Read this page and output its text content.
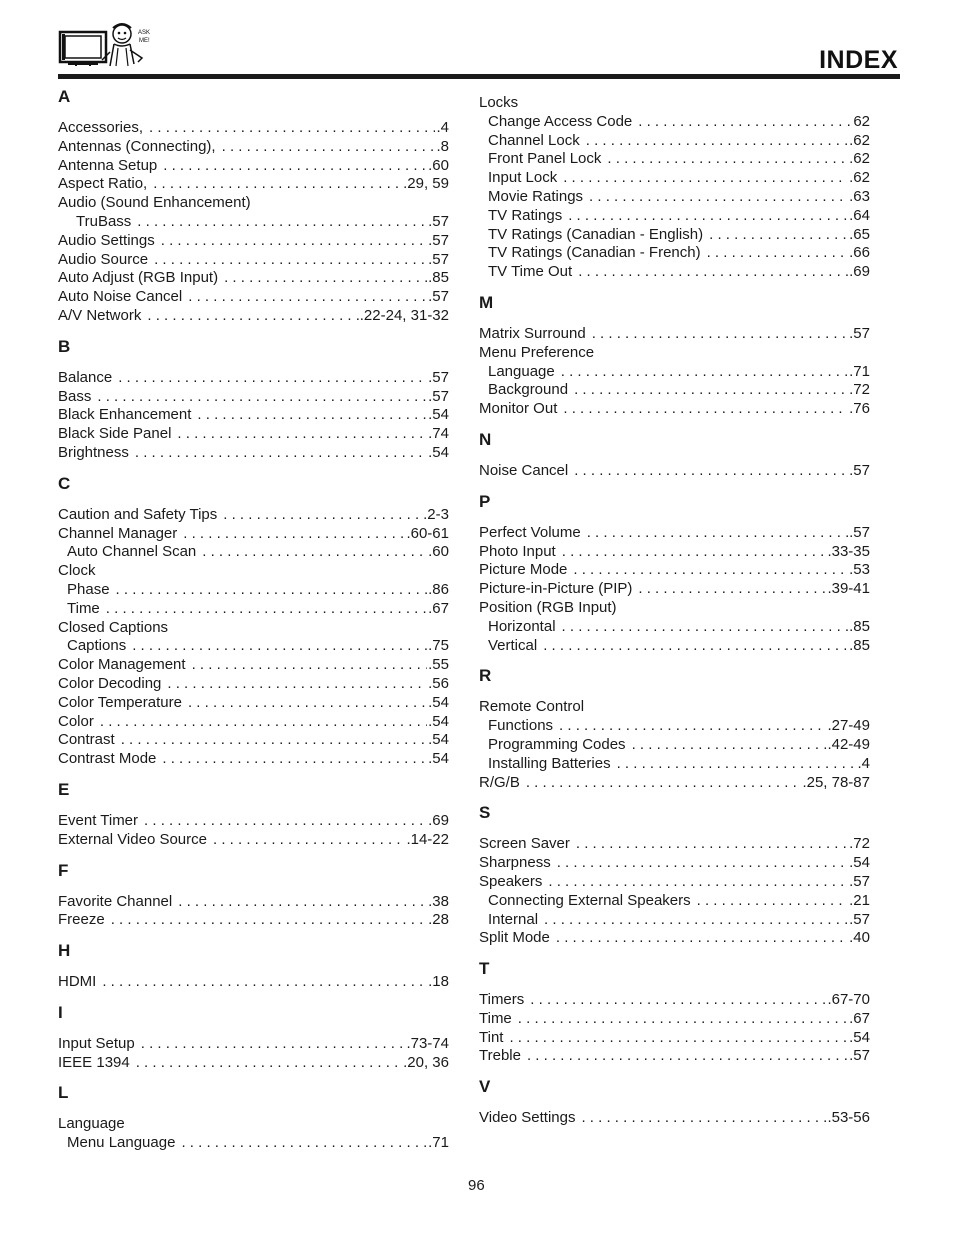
ASK
ME!
INDEX
A
Accessories, . . .	.4
Antennas (Connecting), . . .	.8
Antenna Setup . . .	.60
Aspect Ratio, . . .	.29, 59
Audio (Sound Enhancement)
TruBass . . .	.57
Audio Settings . . .	.57
Audio Source . . .	.57
Auto Adjust (RGB Input) . . .	.85
Auto Noise Cancel . . .	.57
A/V Network . . .	.22-24, 31-32
B
Balance . . .	.57
Bass . . .	.57
Black Enhancement . . .	.54
Black Side Panel . . .	.74
Brightness . . .	.54
C
Caution and Safety Tips . . .	.2-3
Channel Manager . . .	.60-61
Auto Channel Scan . . .	.60
Clock
Phase . . .	.86
Time . . .	.67
Closed Captions
Captions . . .	.75
Color Management . . .	.55
Color Decoding . . .	.56
Color Temperature . . .	.54
Color . . .	.54
Contrast . . .	.54
Contrast Mode . . .	.54
E
Event Timer . . .	.69
External Video Source . . .	.14-22
F
Favorite Channel . . .	.38
Freeze . . .	.28
H
HDMI . . .	.18
I
Input Setup . . .	.73-74
IEEE 1394 . . .	.20, 36
L
Language
Menu Language . . .	.71
Locks
Change Access Code . . .	62
Channel Lock . . .	.62
Front Panel Lock . . .	.62
Input Lock . . .	.62
Movie Ratings . . .	.63
TV Ratings . . .	.64
TV Ratings (Canadian - English) . . .	.65
TV Ratings (Canadian - French) . . .	.66
TV Time Out . . .	.69
M
Matrix Surround . . .	.57
Menu Preference
Language . . .	.71
Background . . .	.72
Monitor Out . . .	.76
N
Noise Cancel . . .	.57
P
Perfect Volume . . .	.57
Photo Input . . .	.33-35
Picture Mode . . .	.53
Picture-in-Picture (PIP) . . .	.39-41
Position (RGB Input)
Horizontal . . .	.85
Vertical . . .	.85
R
Remote Control
Functions . . .	.27-49
Programming Codes . . .	.42-49
Installing Batteries . . .	.4
R/G/B . . .	.25, 78-87
S
Screen Saver . . .	.72
Sharpness . . .	.54
Speakers . . .	.57
Connecting External Speakers . . .	.21
Internal . . .	.57
Split Mode . . .	.40
T
Timers . . .	.67-70
Time . . .	.67
Tint . . .	.54
Treble . . .	.57
V
Video Settings . . .	.53-56
96
